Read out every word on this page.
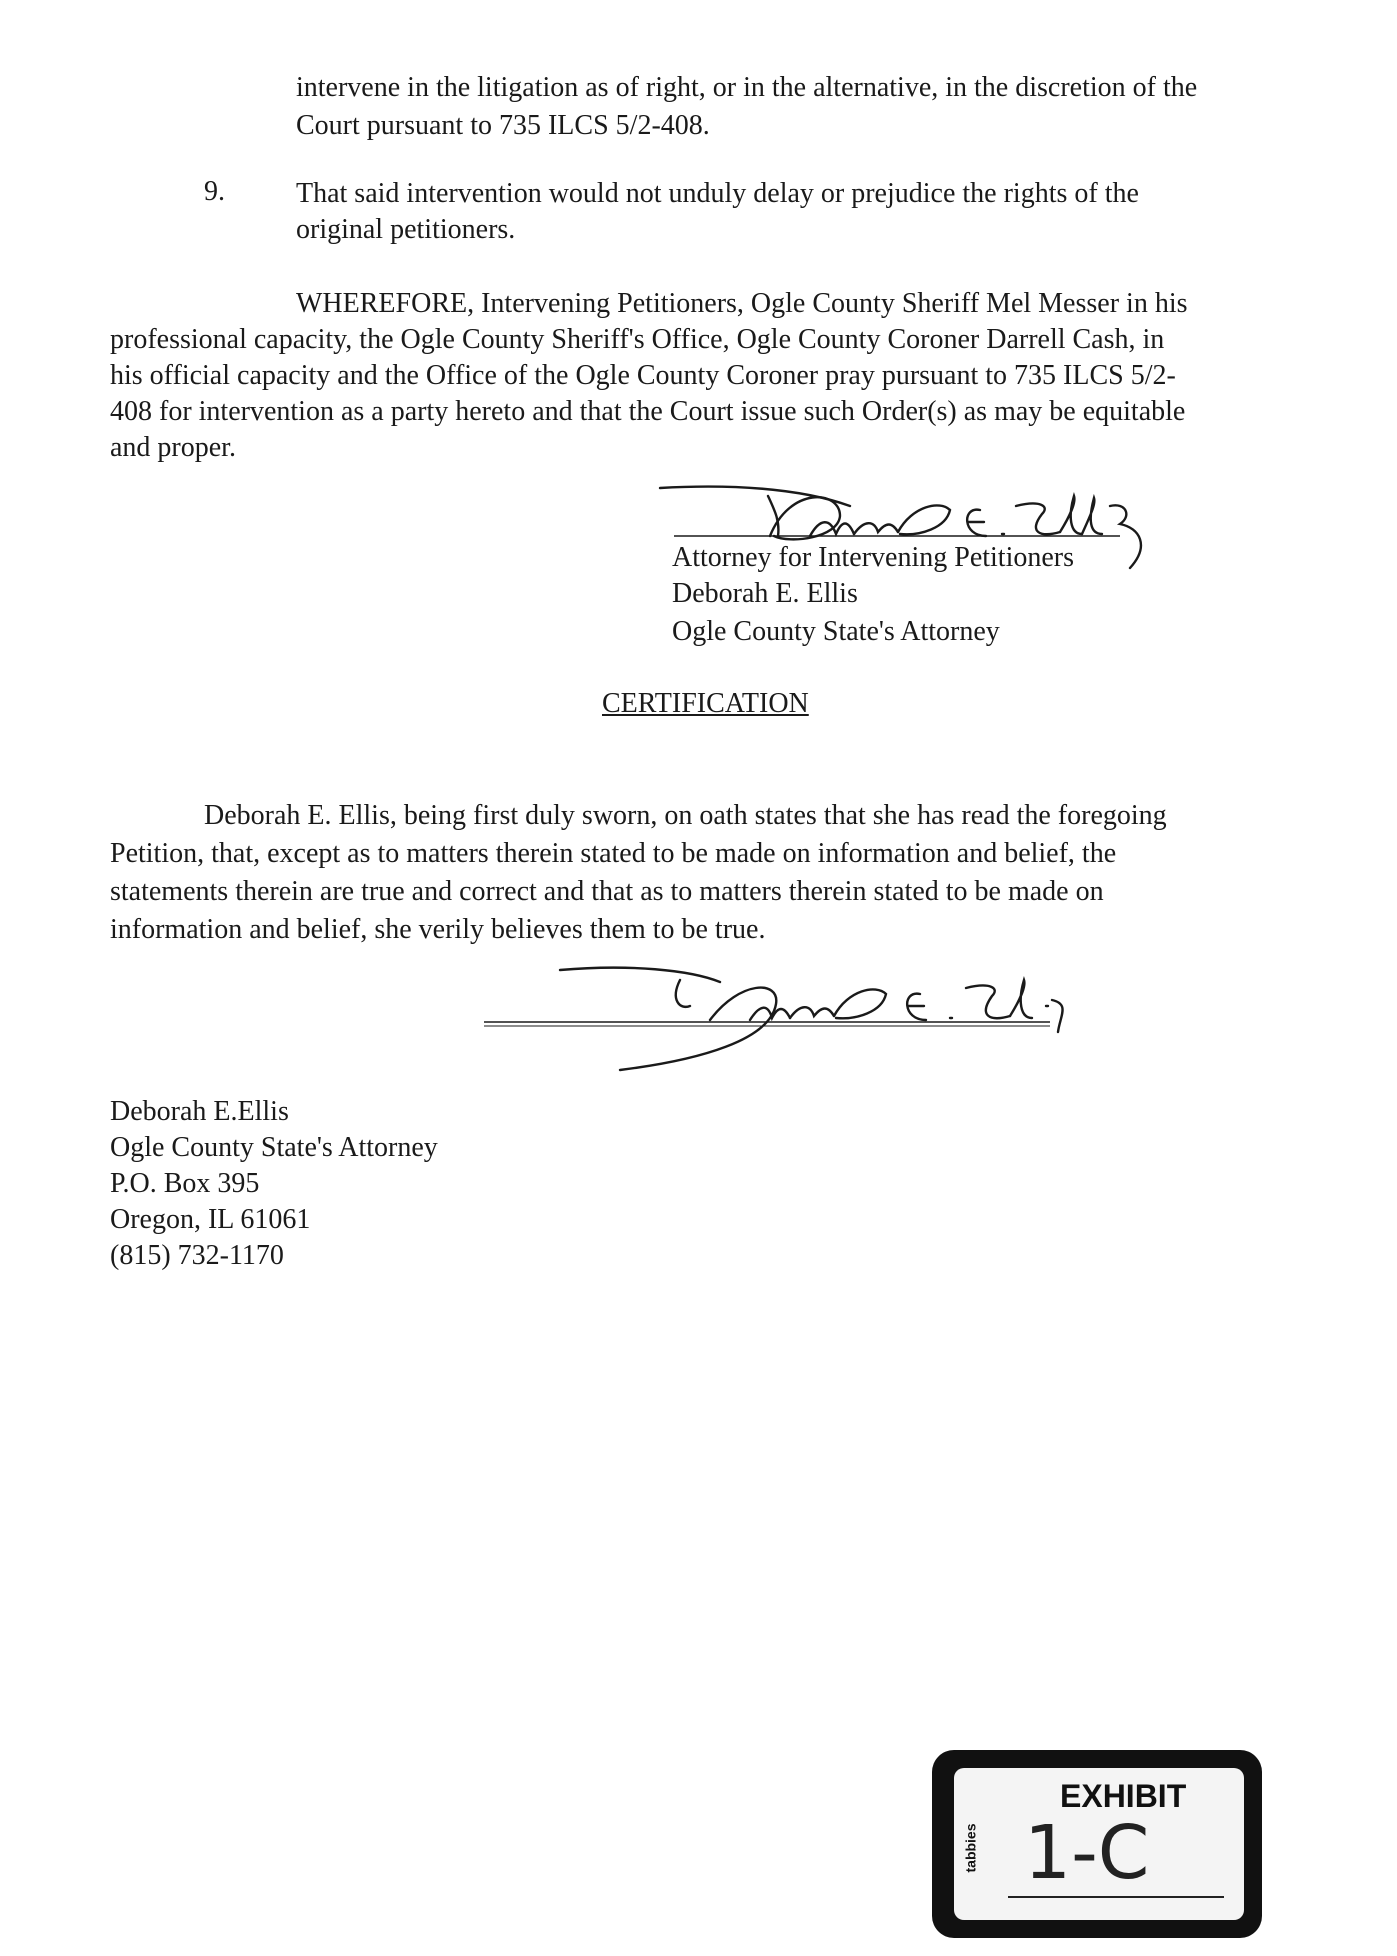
intervene in the litigation as of right, or in the alternative, in the discretion of the
Court pursuant to 735 ILCS 5/2-408.
9.	That said intervention would not unduly delay or prejudice the rights of the
original petitioners.
WHEREFORE, Intervening Petitioners, Ogle County Sheriff Mel Messer in his
professional capacity, the Ogle County Sheriff's Office, Ogle County Coroner Darrell Cash, in
his official capacity and the Office of the Ogle County Coroner pray pursuant to 735 ILCS 5/2-
408 for intervention as a party hereto and that the Court issue such Order(s) as may be equitable
and proper.
Attorney for Intervening Petitioners
Deborah E. Ellis
Ogle County State's Attorney
CERTIFICATION
Deborah E. Ellis, being first duly sworn, on oath states that she has read the foregoing
Petition, that, except as to matters therein stated to be made on information and belief, the
statements therein are true and correct and that as to matters therein stated to be made on
information and belief, she verily believes them to be true.
Deborah E.Ellis
Ogle County State's Attorney
P.O. Box 395
Oregon, IL 61061
(815) 732-1170
EXHIBIT
tabbies 1-C
